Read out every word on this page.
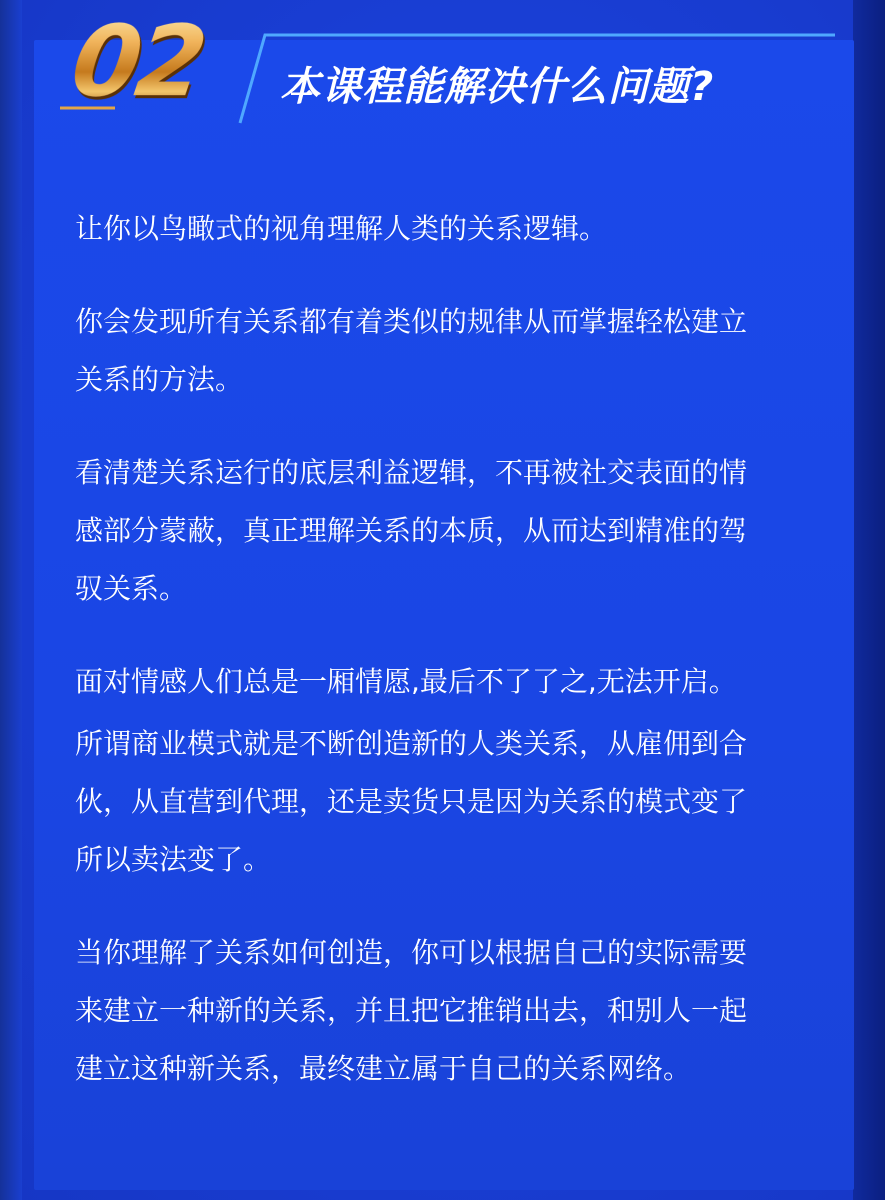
02 本课程能解决什么问题?

让你以鸟瞰式的视角理解人类的关系逻辑。

你会发现所有关系都有着类似的规律从而掌握轻松建立
关系的方法。

看清楚关系运行的底层利益逻辑，不再被社交表面的情
感部分蒙蔽，真正理解关系的本质，从而达到精准的驾
驭关系。

面对情感人们总是一厢情愿,最后不了了之,无法开启。

所谓商业模式就是不断创造新的人类关系，从雇佣到合
伙，从直营到代理，还是卖货只是因为关系的模式变了
所以卖法变了。

当你理解了关系如何创造，你可以根据自己的实际需要
来建立一种新的关系，并且把它推销出去，和别人一起
建立这种新关系，最终建立属于自己的关系网络。
